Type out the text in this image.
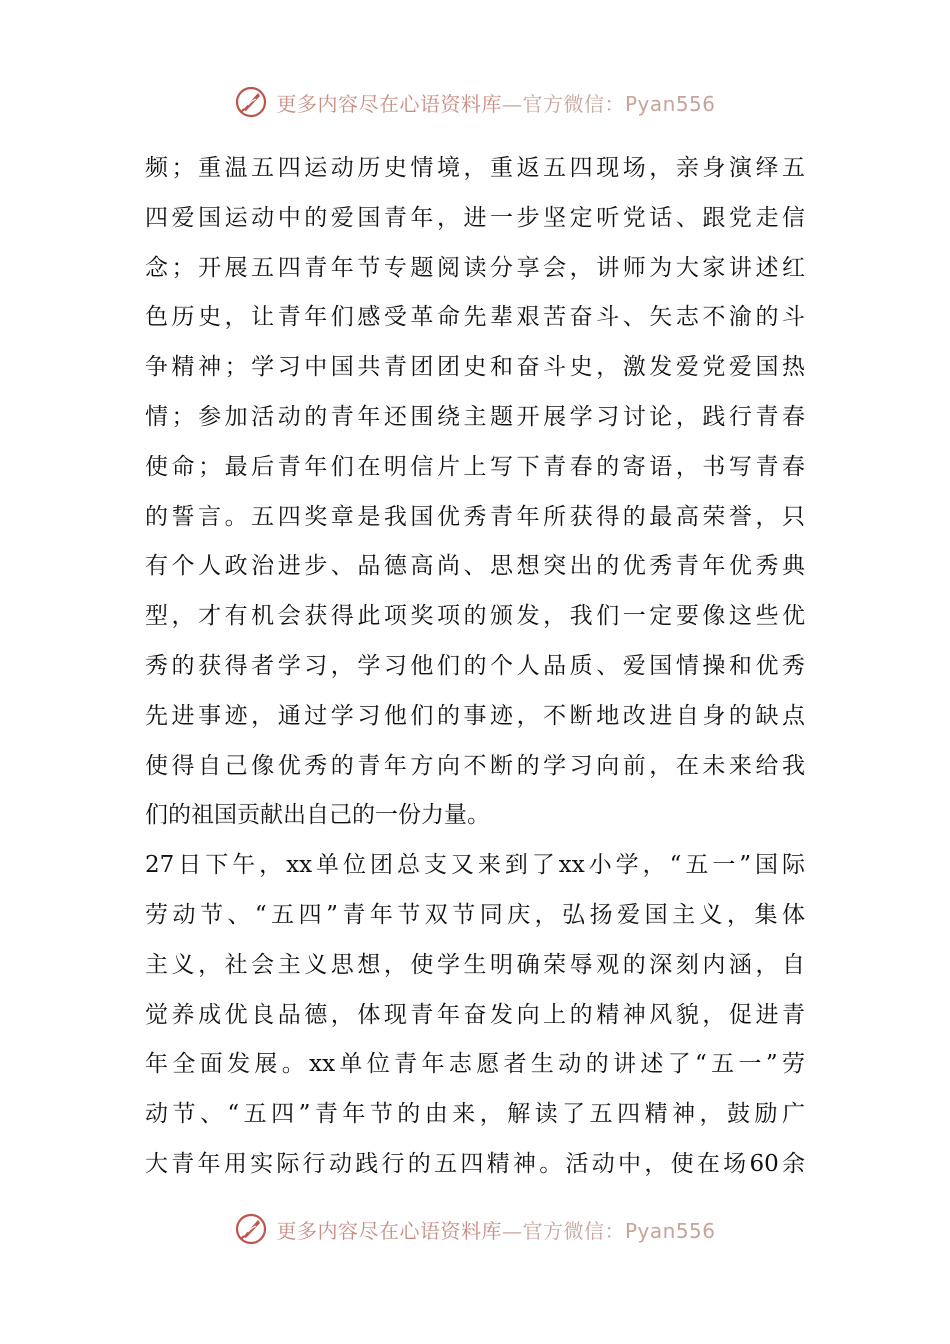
更多内容尽在心语资料库—官方微信：Pyan556
频；重温五四运动历史情境，重返五四现场，亲身演绎五
四爱国运动中的爱国青年，进一步坚定听党话、跟党走信
念；开展五四青年节专题阅读分享会，讲师为大家讲述红
色历史，让青年们感受革命先辈艰苦奋斗、矢志不渝的斗
争精神；学习中国共青团团史和奋斗史，激发爱党爱国热
情；参加活动的青年还围绕主题开展学习讨论，践行青春
使命；最后青年们在明信片上写下青春的寄语，书写青春
的誓言。五四奖章是我国优秀青年所获得的最高荣誉，只
有个人政治进步、品德高尚、思想突出的优秀青年优秀典
型，才有机会获得此项奖项的颁发，我们一定要像这些优
秀的获得者学习，学习他们的个人品质、爱国情操和优秀
先进事迹，通过学习他们的事迹，不断地改进自身的缺点
使得自己像优秀的青年方向不断的学习向前，在未来给我
们的祖国贡献出自己的一份力量。
27日下午，xx单位团总支又来到了xx小学，“五一”国际
劳动节、“五四”青年节双节同庆，弘扬爱国主义，集体
主义，社会主义思想，使学生明确荣辱观的深刻内涵，自
觉养成优良品德，体现青年奋发向上的精神风貌，促进青
年全面发展。xx单位青年志愿者生动的讲述了“五一”劳
动节、“五四”青年节的由来，解读了五四精神，鼓励广
大青年用实际行动践行的五四精神。活动中，使在场60余
更多内容尽在心语资料库—官方微信：Pyan556
